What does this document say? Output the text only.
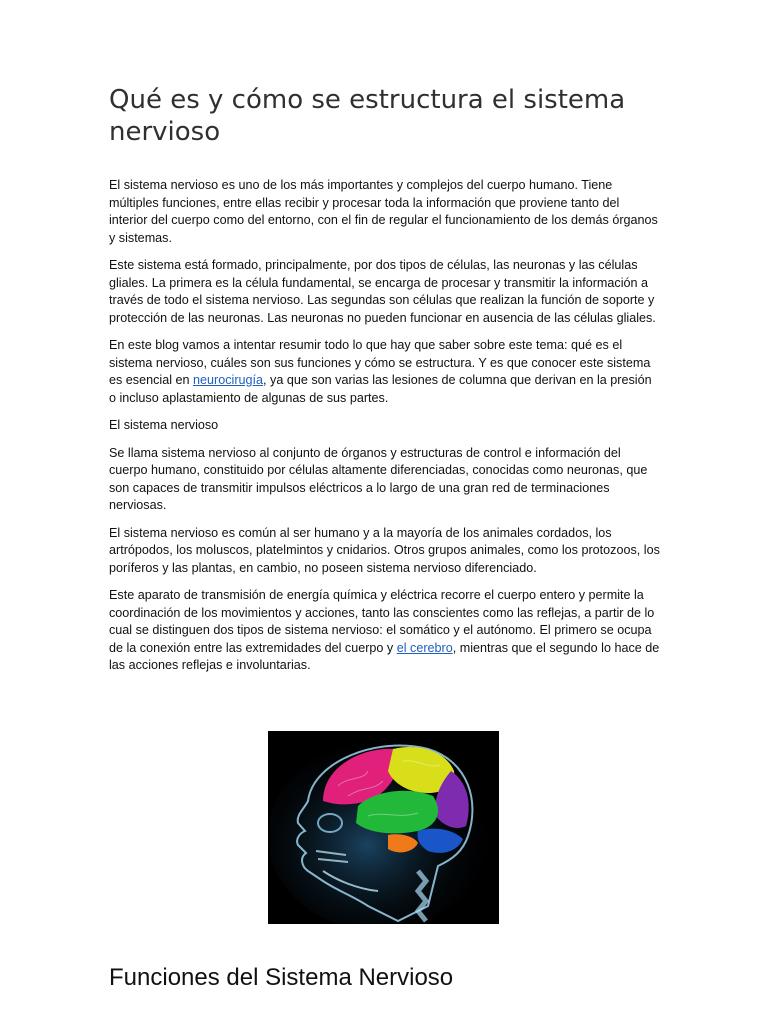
Qué es y cómo se estructura el sistema nervioso

El sistema nervioso es uno de los más importantes y complejos del cuerpo humano. Tiene múltiples funciones, entre ellas recibir y procesar toda la información que proviene tanto del interior del cuerpo como del entorno, con el fin de regular el funcionamiento de los demás órganos y sistemas.

Este sistema está formado, principalmente, por dos tipos de células, las neuronas y las células gliales. La primera es la célula fundamental, se encarga de procesar y transmitir la información a través de todo el sistema nervioso. Las segundas son células que realizan la función de soporte y protección de las neuronas. Las neuronas no pueden funcionar en ausencia de las células gliales.

En este blog vamos a intentar resumir todo lo que hay que saber sobre este tema: qué es el sistema nervioso, cuáles son sus funciones y cómo se estructura. Y es que conocer este sistema es esencial en neurocirugía, ya que son varias las lesiones de columna que derivan en la presión o incluso aplastamiento de algunas de sus partes.

El sistema nervioso

Se llama sistema nervioso al conjunto de órganos y estructuras de control e información del cuerpo humano, constituido por células altamente diferenciadas, conocidas como neuronas, que son capaces de transmitir impulsos eléctricos a lo largo de una gran red de terminaciones nerviosas.

El sistema nervioso es común al ser humano y a la mayoría de los animales cordados, los artrópodos, los moluscos, platelmintos y cnidarios. Otros grupos animales, como los protozoos, los poríferos y las plantas, en cambio, no poseen sistema nervioso diferenciado.

Este aparato de transmisión de energía química y eléctrica recorre el cuerpo entero y permite la coordinación de los movimientos y acciones, tanto las conscientes como las reflejas, a partir de lo cual se distinguen dos tipos de sistema nervioso: el somático y el autónomo. El primero se ocupa de la conexión entre las extremidades del cuerpo y el cerebro, mientras que el segundo lo hace de las acciones reflejas e involuntarias.

Funciones del Sistema Nervioso
